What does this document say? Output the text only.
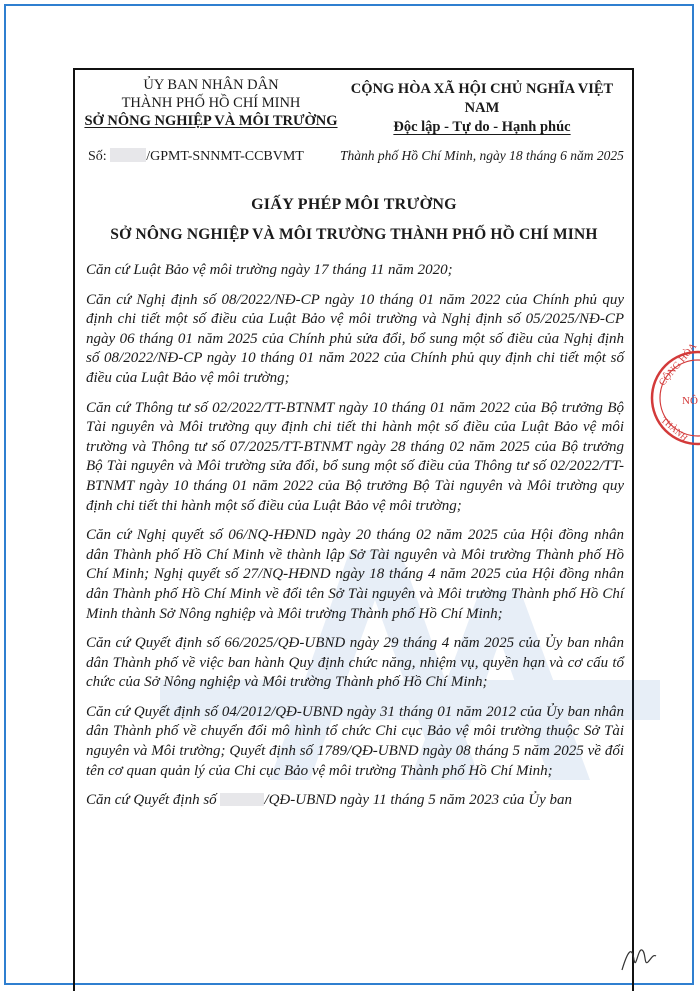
CỘNG HÒA
NÔ
THÀNH
ỦY BAN NHÂN DÂN
THÀNH PHỐ HỒ CHÍ MINH
SỞ NÔNG NGHIỆP VÀ MÔI TRƯỜNG
CỘNG HÒA XÃ HỘI CHỦ NGHĨA VIỆT NAM
Độc lập - Tự do - Hạnh phúc
Số:	/GPMT-SNNMT-CCBVMT	Thành phố Hồ Chí Minh, ngày 18 tháng 6 năm 2025
GIẤY PHÉP MÔI TRƯỜNG
SỞ NÔNG NGHIỆP VÀ MÔI TRƯỜNG THÀNH PHỐ HỒ CHÍ MINH

Căn cứ Luật Bảo vệ môi trường ngày 17 tháng 11 năm 2020;

Căn cứ Nghị định số 08/2022/NĐ-CP ngày 10 tháng 01 năm 2022 của Chính phủ quy định chi tiết một số điều của Luật Bảo vệ môi trường và Nghị định số 05/2025/NĐ-CP ngày 06 tháng 01 năm 2025 của Chính phủ sửa đổi, bổ sung một số điều của Nghị định số 08/2022/NĐ-CP ngày 10 tháng 01 năm 2022 của Chính phủ quy định chi tiết một số điều của Luật Bảo vệ môi trường;

Căn cứ Thông tư số 02/2022/TT-BTNMT ngày 10 tháng 01 năm 2022 của Bộ trưởng Bộ Tài nguyên và Môi trường quy định chi tiết thi hành một số điều của Luật Bảo vệ môi trường và Thông tư số 07/2025/TT-BTNMT ngày 28 tháng 02 năm 2025 của Bộ trưởng Bộ Tài nguyên và Môi trường sửa đổi, bổ sung một số điều của Thông tư số 02/2022/TT-BTNMT ngày 10 tháng 01 năm 2022 của Bộ trưởng Bộ Tài nguyên và Môi trường quy định chi tiết thi hành một số điều của Luật Bảo vệ môi trường;

Căn cứ Nghị quyết số 06/NQ-HĐND ngày 20 tháng 02 năm 2025 của Hội đồng nhân dân Thành phố Hồ Chí Minh về thành lập Sở Tài nguyên và Môi trường Thành phố Hồ Chí Minh; Nghị quyết số 27/NQ-HĐND ngày 18 tháng 4 năm 2025 của Hội đồng nhân dân Thành phố Hồ Chí Minh về đổi tên Sở Tài nguyên và Môi trường Thành phố Hồ Chí Minh thành Sở Nông nghiệp và Môi trường Thành phố Hồ Chí Minh;

Căn cứ Quyết định số 66/2025/QĐ-UBND ngày 29 tháng 4 năm 2025 của Ủy ban nhân dân Thành phố về việc ban hành Quy định chức năng, nhiệm vụ, quyền hạn và cơ cấu tổ chức của Sở Nông nghiệp và Môi trường Thành phố Hồ Chí Minh;

Căn cứ Quyết định số 04/2012/QĐ-UBND ngày 31 tháng 01 năm 2012 của Ủy ban nhân dân Thành phố về chuyển đổi mô hình tổ chức Chi cục Bảo vệ môi trường thuộc Sở Tài nguyên và Môi trường; Quyết định số 1789/QĐ-UBND ngày 08 tháng 5 năm 2025 về đổi tên cơ quan quản lý của Chi cục Bảo vệ môi trường Thành phố Hồ Chí Minh;

Căn cứ Quyết định số	/QĐ-UBND ngày 11 tháng 5 năm 2023 của Ủy ban
